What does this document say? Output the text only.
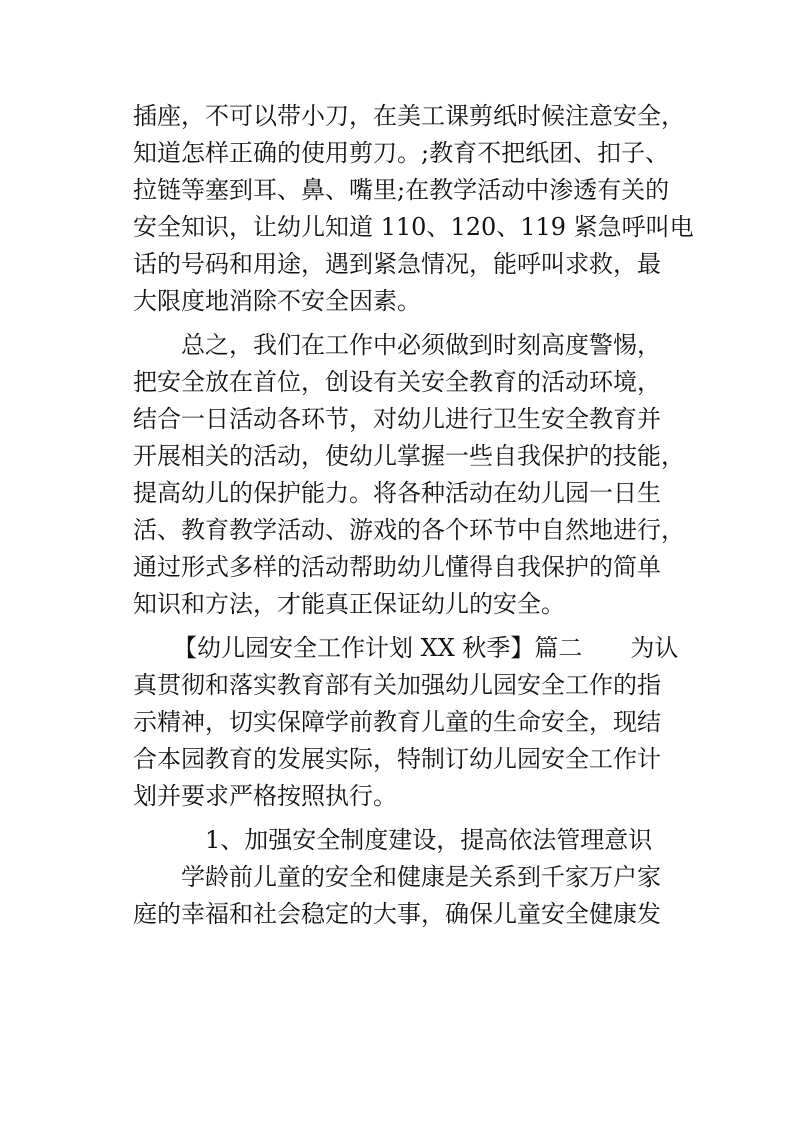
插座，不可以带小刀，在美工课剪纸时候注意安全，
知道怎样正确的使用剪刀。;教育不把纸团、扣子、
拉链等塞到耳、鼻、嘴里;在教学活动中渗透有关的
安全知识，让幼儿知道 110、120、119 紧急呼叫电
话的号码和用途，遇到紧急情况，能呼叫求救，最
大限度地消除不安全因素。
总之，我们在工作中必须做到时刻高度警惕，
把安全放在首位，创设有关安全教育的活动环境，
结合一日活动各环节，对幼儿进行卫生安全教育并
开展相关的活动，使幼儿掌握一些自我保护的技能，
提高幼儿的保护能力。将各种活动在幼儿园一日生
活、教育教学活动、游戏的各个环节中自然地进行，
通过形式多样的活动帮助幼儿懂得自我保护的简单
知识和方法，才能真正保证幼儿的安全。
【幼儿园安全工作计划 XX 秋季】篇二　　为认
真贯彻和落实教育部有关加强幼儿园安全工作的指
示精神，切实保障学前教育儿童的生命安全，现结
合本园教育的发展实际，特制订幼儿园安全工作计
划并要求严格按照执行。
1、加强安全制度建设，提高依法管理意识
学龄前儿童的安全和健康是关系到千家万户家
庭的幸福和社会稳定的大事，确保儿童安全健康发
